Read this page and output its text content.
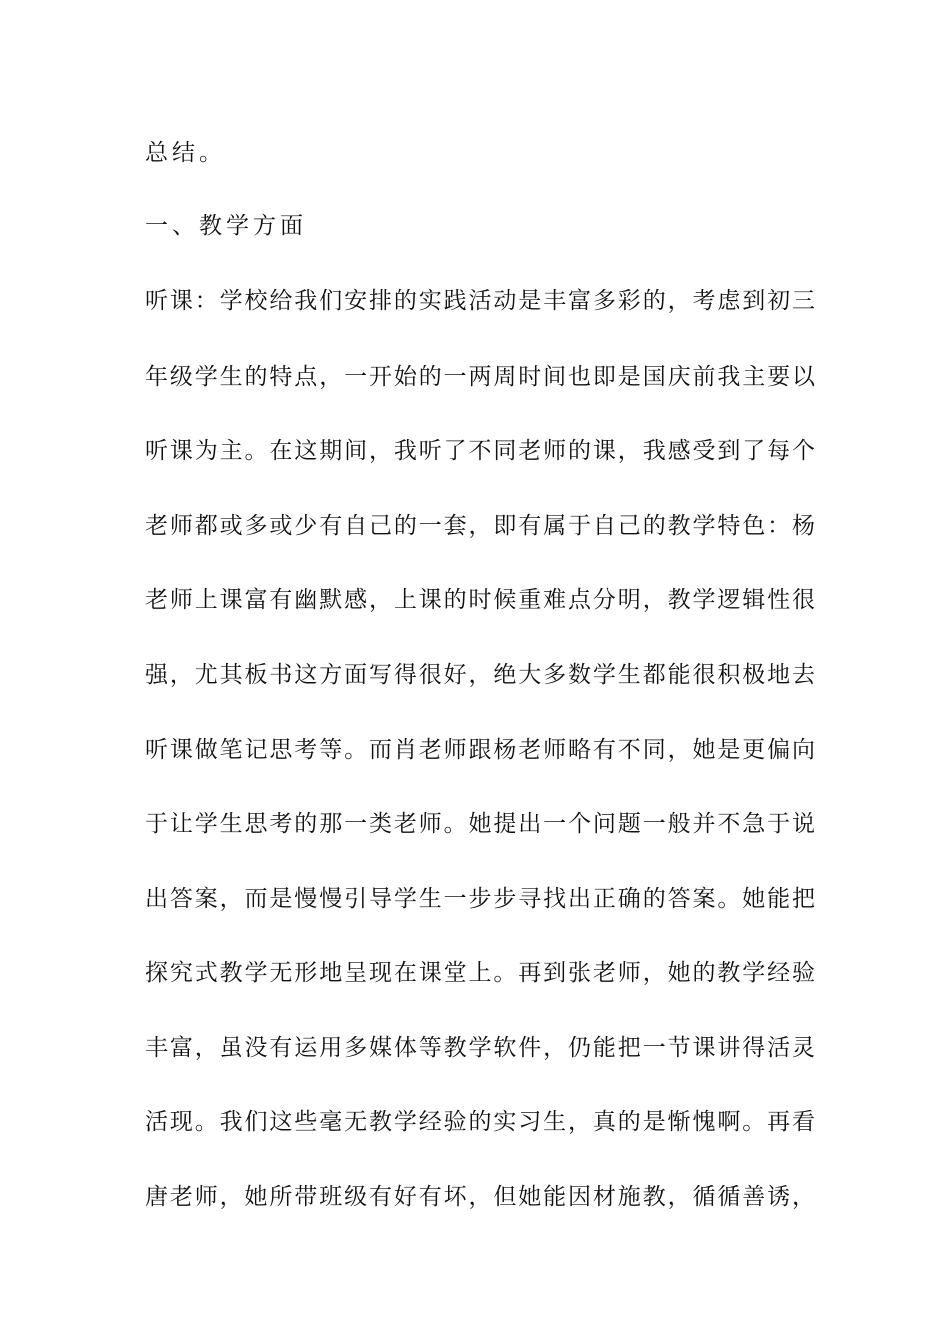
总结。
一、教学方面
听课：学校给我们安排的实践活动是丰富多彩的，考虑到初三
年级学生的特点，一开始的一两周时间也即是国庆前我主要以
听课为主。在这期间，我听了不同老师的课，我感受到了每个
老师都或多或少有自己的一套，即有属于自己的教学特色：杨
老师上课富有幽默感，上课的时候重难点分明，教学逻辑性很
强，尤其板书这方面写得很好，绝大多数学生都能很积极地去
听课做笔记思考等。而肖老师跟杨老师略有不同，她是更偏向
于让学生思考的那一类老师。她提出一个问题一般并不急于说
出答案，而是慢慢引导学生一步步寻找出正确的答案。她能把
探究式教学无形地呈现在课堂上。再到张老师，她的教学经验
丰富，虽没有运用多媒体等教学软件，仍能把一节课讲得活灵
活现。我们这些毫无教学经验的实习生，真的是惭愧啊。再看
唐老师，她所带班级有好有坏，但她能因材施教，循循善诱，
